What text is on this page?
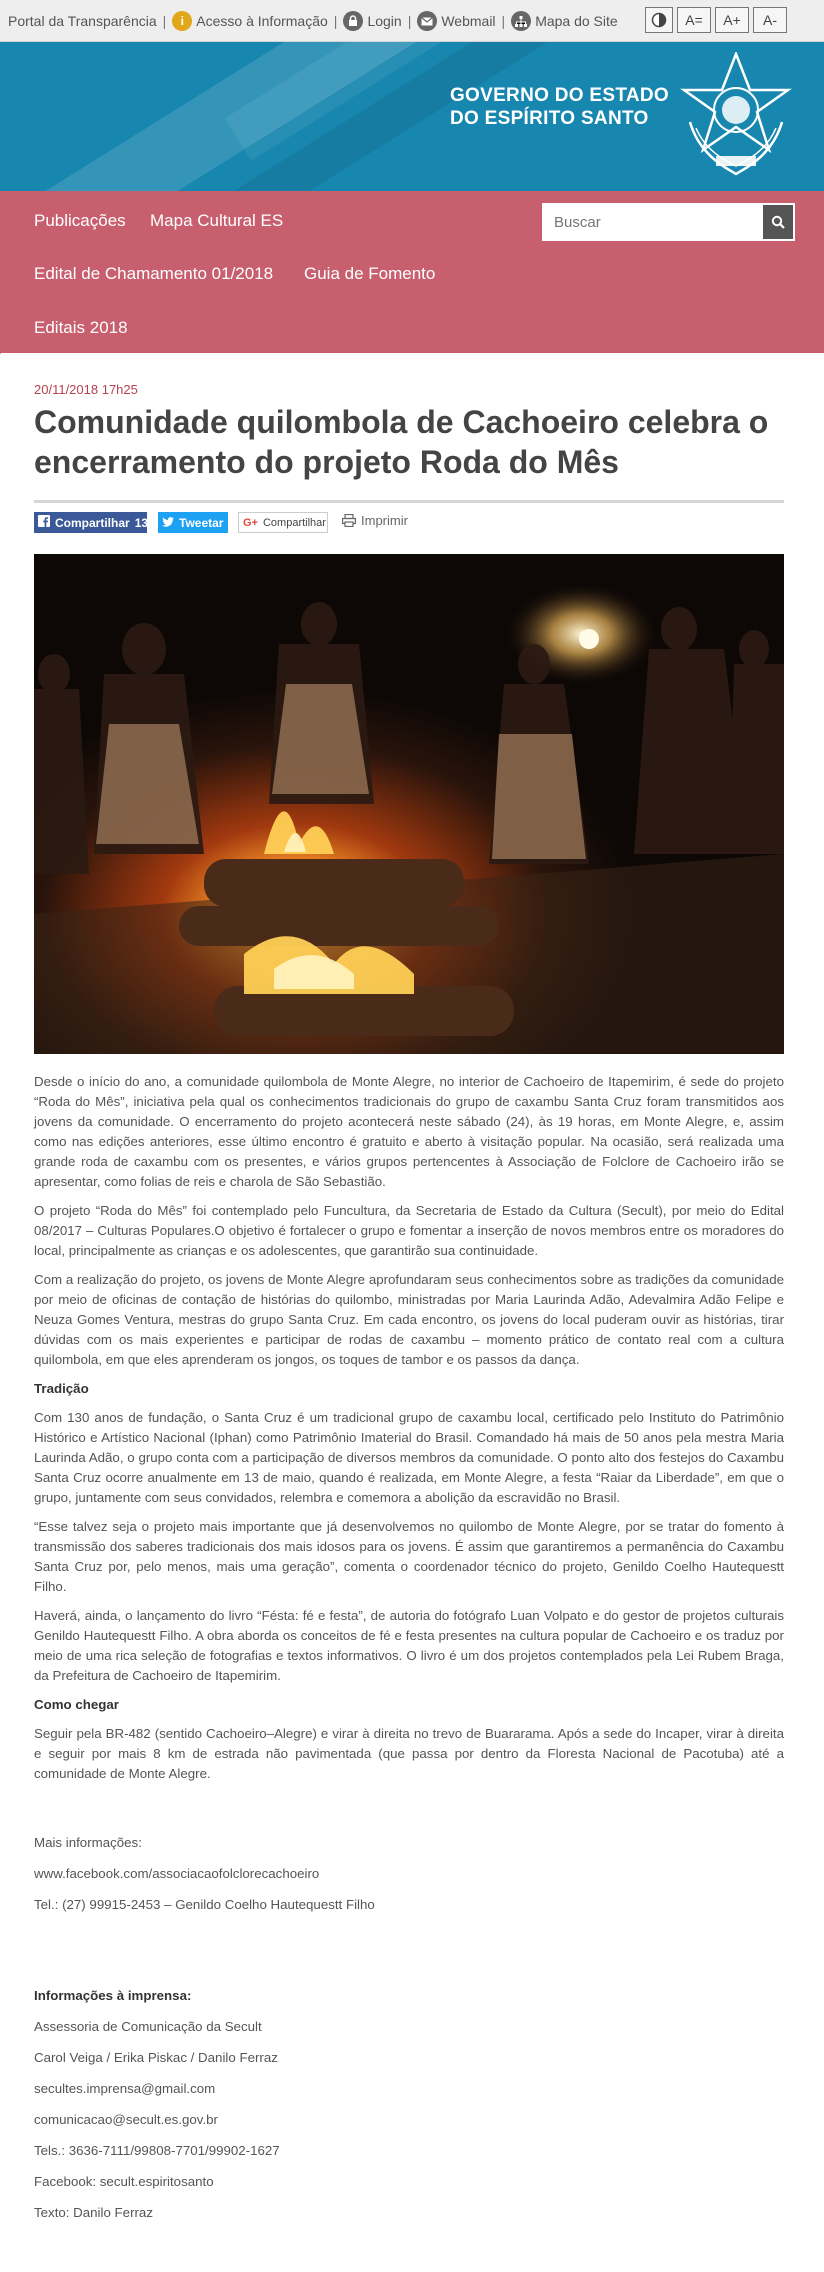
Portal da Transparência |	i Acesso à Informação | Login | Webmail | Mapa do Site	A=	A+	A-
GOVERNO DO ESTADO
DO ESPÍRITO SANTO
Publicações Mapa Cultural ES
Edital de Chamamento 01/2018 Guia de Fomento
Editais 2018
Buscar
20/11/2018 17h25
Comunidade quilombola de Cachoeiro celebra o encerramento do projeto Roda do Mês
Compartilhar 13	Tweetar G+ Compartilhar	Imprimir

Desde o início do ano, a comunidade quilombola de Monte Alegre, no interior de Cachoeiro de Itapemirim, é sede do projeto “Roda do Mês”, iniciativa pela qual os conhecimentos tradicionais do grupo de caxambu Santa Cruz foram transmitidos aos jovens da comunidade. O encerramento do projeto acontecerá neste sábado (24), às 19 horas, em Monte Alegre, e, assim como nas edições anteriores, esse último encontro é gratuito e aberto à visitação popular. Na ocasião, será realizada uma grande roda de caxambu com os presentes, e vários grupos pertencentes à Associação de Folclore de Cachoeiro irão se apresentar, como folias de reis e charola de São Sebastião.

O projeto “Roda do Mês” foi contemplado pelo Funcultura, da Secretaria de Estado da Cultura (Secult), por meio do Edital 08/2017 – Culturas Populares.O objetivo é fortalecer o grupo e fomentar a inserção de novos membros entre os moradores do local, principalmente as crianças e os adolescentes, que garantirão sua continuidade.

Com a realização do projeto, os jovens de Monte Alegre aprofundaram seus conhecimentos sobre as tradições da comunidade por meio de oficinas de contação de histórias do quilombo, ministradas por Maria Laurinda Adão, Adevalmira Adão Felipe e Neuza Gomes Ventura, mestras do grupo Santa Cruz. Em cada encontro, os jovens do local puderam ouvir as histórias, tirar dúvidas com os mais experientes e participar de rodas de caxambu – momento prático de contato real com a cultura quilombola, em que eles aprenderam os jongos, os toques de tambor e os passos da dança.

Tradição

Com 130 anos de fundação, o Santa Cruz é um tradicional grupo de caxambu local, certificado pelo Instituto do Patrimônio Histórico e Artístico Nacional (Iphan) como Patrimônio Imaterial do Brasil. Comandado há mais de 50 anos pela mestra Maria Laurinda Adão, o grupo conta com a participação de diversos membros da comunidade. O ponto alto dos festejos do Caxambu Santa Cruz ocorre anualmente em 13 de maio, quando é realizada, em Monte Alegre, a festa “Raiar da Liberdade”, em que o grupo, juntamente com seus convidados, relembra e comemora a abolição da escravidão no Brasil.

“Esse talvez seja o projeto mais importante que já desenvolvemos no quilombo de Monte Alegre, por se tratar do fomento à transmissão dos saberes tradicionais dos mais idosos para os jovens. É assim que garantiremos a permanência do Caxambu Santa Cruz por, pelo menos, mais uma geração”, comenta o coordenador técnico do projeto, Genildo Coelho Hautequestt Filho.

Haverá, ainda, o lançamento do livro “Fésta: fé e festa”, de autoria do fotógrafo Luan Volpato e do gestor de projetos culturais Genildo Hautequestt Filho. A obra aborda os conceitos de fé e festa presentes na cultura popular de Cachoeiro e os traduz por meio de uma rica seleção de fotografias e textos informativos. O livro é um dos projetos contemplados pela Lei Rubem Braga, da Prefeitura de Cachoeiro de Itapemirim.

Como chegar

Seguir pela BR-482 (sentido Cachoeiro–Alegre) e virar à direita no trevo de Buararama. Após a sede do Incaper, virar à direita e seguir por mais 8 km de estrada não pavimentada (que passa por dentro da Floresta Nacional de Pacotuba) até a comunidade de Monte Alegre.

Mais informações:

www.facebook.com/associacaofolclorecachoeiro

Tel.: (27) 99915-2453 – Genildo Coelho Hautequestt Filho

Informações à imprensa:

Assessoria de Comunicação da Secult

Carol Veiga / Erika Piskac / Danilo Ferraz

secultes.imprensa@gmail.com

comunicacao@secult.es.gov.br

Tels.: 3636-7111/99808-7701/99902-1627

Facebook: secult.espiritosanto

Texto: Danilo Ferraz
